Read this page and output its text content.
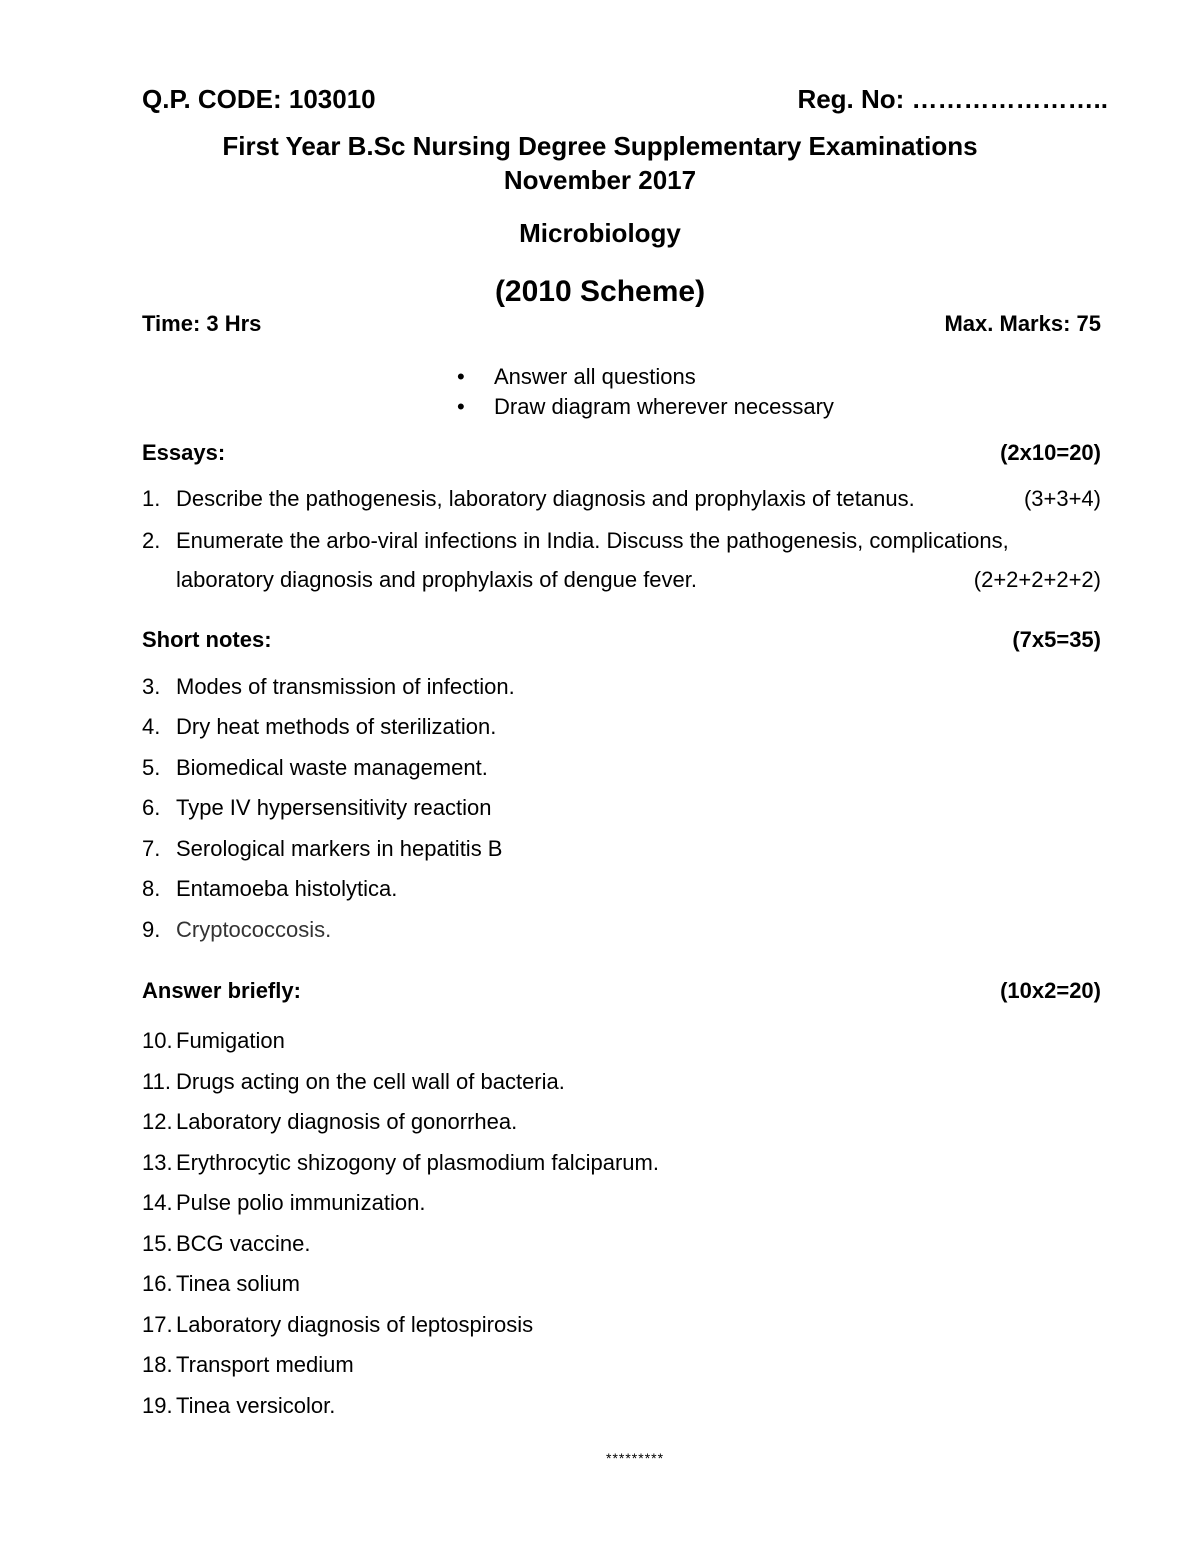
Q.P. CODE: 103010	Reg. No: …………………..
First Year B.Sc Nursing Degree Supplementary Examinations
November 2017
Microbiology
(2010 Scheme)
Time: 3 Hrs	Max. Marks: 75
• Answer all questions
• Draw diagram wherever necessary
Essays:	(2x10=20)
1. Describe the pathogenesis, laboratory diagnosis and prophylaxis of tetanus.	(3+3+4)
2. Enumerate the arbo-viral infections in India. Discuss the pathogenesis, complications,
laboratory diagnosis and prophylaxis of dengue fever.	(2+2+2+2+2)
Short notes:	(7x5=35)
3. Modes of transmission of infection.
4. Dry heat methods of sterilization.
5. Biomedical waste management.
6. Type IV hypersensitivity reaction
7. Serological markers in hepatitis B
8. Entamoeba histolytica.
9. Cryptococcosis.
Answer briefly:	(10x2=20)
10. Fumigation
11. Drugs acting on the cell wall of bacteria.
12. Laboratory diagnosis of gonorrhea.
13. Erythrocytic shizogony of plasmodium falciparum.
14. Pulse polio immunization.
15. BCG vaccine.
16. Tinea solium
17. Laboratory diagnosis of leptospirosis
18. Transport medium
19. Tinea versicolor.
*********
